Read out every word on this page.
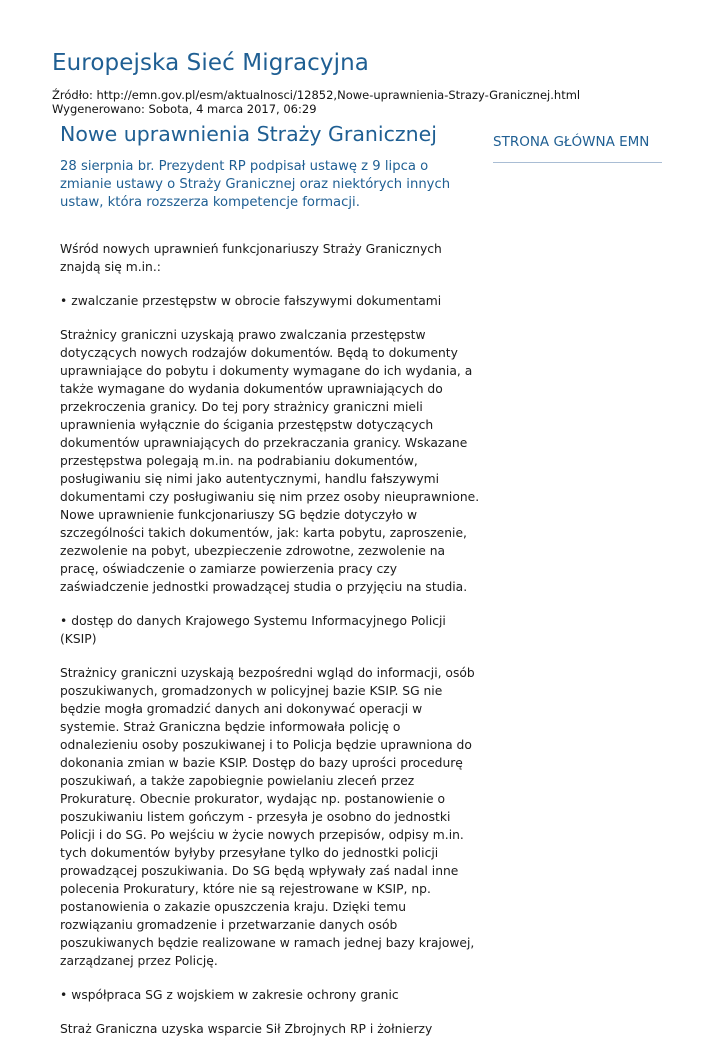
Europejska Sieć Migracyjna
Źródło: http://emn.gov.pl/esm/aktualnosci/12852,Nowe-uprawnienia-Strazy-Granicznej.html
Wygenerowano: Sobota, 4 marca 2017, 06:29
Nowe uprawnienia Straży Granicznej

28 sierpnia br. Prezydent RP podpisał ustawę z 9 lipca o zmianie ustawy o Straży Granicznej oraz niektórych innych ustaw, która rozszerza kompetencje formacji.

Wśród nowych uprawnień funkcjonariuszy Straży Granicznych znajdą się m.in.:

• zwalczanie przestępstw w obrocie fałszywymi dokumentami

Strażnicy graniczni uzyskają prawo zwalczania przestępstw dotyczących nowych rodzajów dokumentów. Będą to dokumenty uprawniające do pobytu i dokumenty wymagane do ich wydania, a także wymagane do wydania dokumentów uprawniających do przekroczenia granicy. Do tej pory strażnicy graniczni mieli uprawnienia wyłącznie do ścigania przestępstw dotyczących dokumentów uprawniających do przekraczania granicy. Wskazane przestępstwa polegają m.in. na podrabianiu dokumentów, posługiwaniu się nimi jako autentycznymi, handlu fałszywymi dokumentami czy posługiwaniu się nim przez osoby nieuprawnione. Nowe uprawnienie funkcjonariuszy SG będzie dotyczyło w szczególności takich dokumentów, jak: karta pobytu, zaproszenie, zezwolenie na pobyt, ubezpieczenie zdrowotne, zezwolenie na pracę, oświadczenie o zamiarze powierzenia pracy czy zaświadczenie jednostki prowadzącej studia o przyjęciu na studia.

• dostęp do danych Krajowego Systemu Informacyjnego Policji (KSIP)

Strażnicy graniczni uzyskają bezpośredni wgląd do informacji, osób poszukiwanych, gromadzonych w policyjnej bazie KSIP. SG nie będzie mogła gromadzić danych ani dokonywać operacji w systemie. Straż Graniczna będzie informowała policję o odnalezieniu osoby poszukiwanej i to Policja będzie uprawniona do dokonania zmian w bazie KSIP. Dostęp do bazy uprości procedurę poszukiwań, a także zapobiegnie powielaniu zleceń przez Prokuraturę. Obecnie prokurator, wydając np. postanowienie o poszukiwaniu listem gończym - przesyła je osobno do jednostki Policji i do SG. Po wejściu w życie nowych przepisów, odpisy m.in. tych dokumentów byłyby przesyłane tylko do jednostki policji prowadzącej poszukiwania. Do SG będą wpływały zaś nadal inne polecenia Prokuratury, które nie są rejestrowane w KSIP, np. postanowienia o zakazie opuszczenia kraju. Dzięki temu rozwiązaniu gromadzenie i przetwarzanie danych osób poszukiwanych będzie realizowane w ramach jednej bazy krajowej, zarządzanej przez Policję.

• współpraca SG z wojskiem w zakresie ochrony granic

Straż Graniczna uzyska wsparcie Sił Zbrojnych RP i żołnierzy

STRONA GŁÓWNA EMN
